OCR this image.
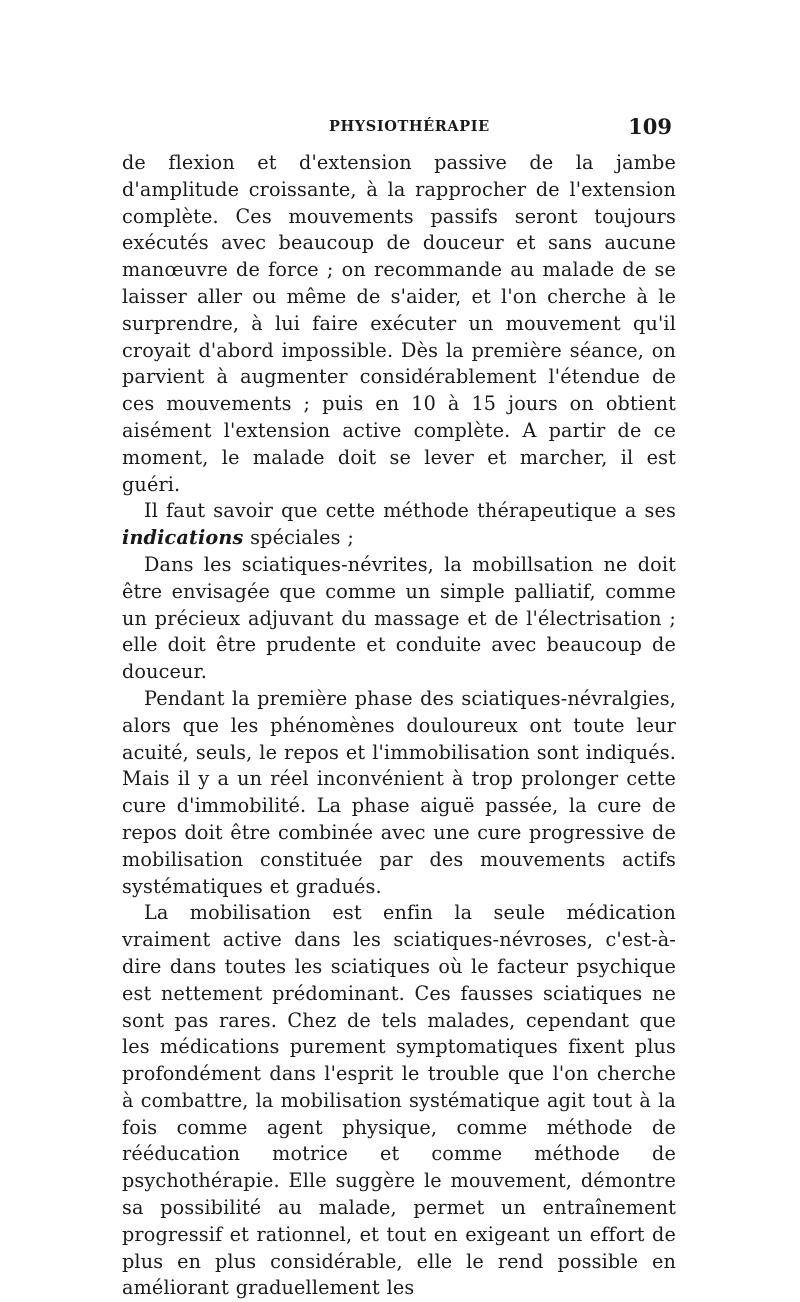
PHYSIOTHÉRAPIE	109

de flexion et d'extension passive de la jambe d'amplitude croissante, à la rapprocher de l'extension complète. Ces mouvements passifs seront toujours exécutés avec beaucoup de douceur et sans aucune manœuvre de force ; on recommande au malade de se laisser aller ou même de s'aider, et l'on cherche à le surprendre, à lui faire exécuter un mouvement qu'il croyait d'abord impossible. Dès la première séance, on parvient à augmenter considérablement l'étendue de ces mouvements ; puis en 10 à 15 jours on obtient aisément l'extension active complète. A partir de ce moment, le malade doit se lever et marcher, il est guéri.

Il faut savoir que cette méthode thérapeutique a ses indications spéciales ;

Dans les sciatiques-névrites, la mobillsation ne doit être envisagée que comme un simple palliatif, comme un précieux adjuvant du massage et de l'électrisation ; elle doit être prudente et conduite avec beaucoup de douceur.

Pendant la première phase des sciatiques-névralgies, alors que les phénomènes douloureux ont toute leur acuité, seuls, le repos et l'immobilisation sont indiqués. Mais il y a un réel inconvénient à trop prolonger cette cure d'immobilité. La phase aiguë passée, la cure de repos doit être combinée avec une cure progressive de mobilisation constituée par des mouvements actifs systématiques et gradués.

La mobilisation est enfin la seule médication vraiment active dans les sciatiques-névroses, c'est-à-dire dans toutes les sciatiques où le facteur psychique est nettement prédominant. Ces fausses sciatiques ne sont pas rares. Chez de tels malades, cependant que les médications purement symptomatiques fixent plus profondément dans l'esprit le trouble que l'on cherche à combattre, la mobilisation systématique agit tout à la fois comme agent physique, comme méthode de rééducation motrice et comme méthode de psychothérapie. Elle suggère le mouvement, démontre sa possibilité au malade, permet un entraînement progressif et rationnel, et tout en exigeant un effort de plus en plus considérable, elle le rend possible en améliorant graduellement les
